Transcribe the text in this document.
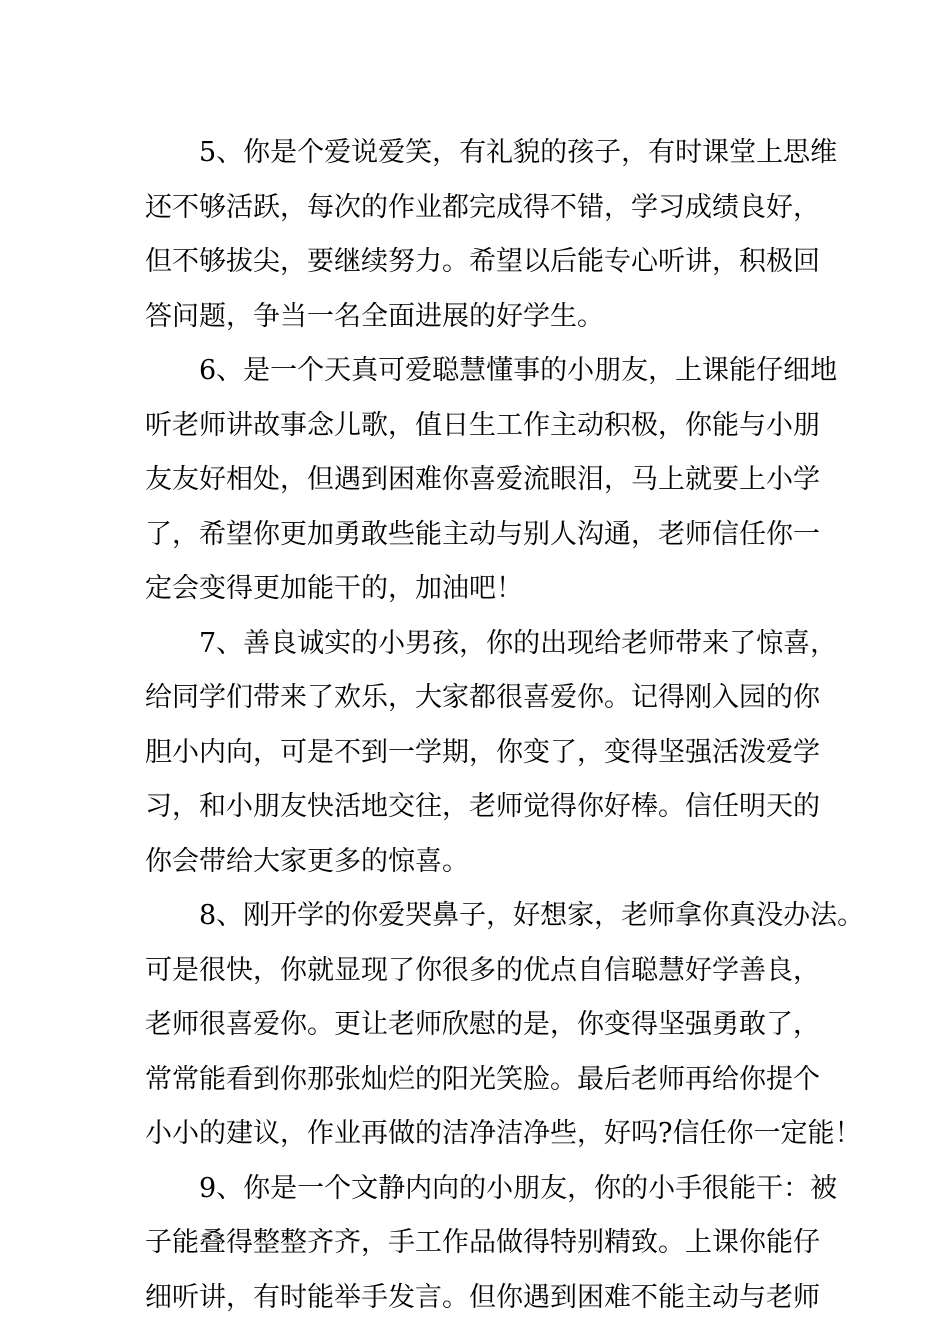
5、你是个爱说爱笑，有礼貌的孩子，有时课堂上思维
还不够活跃，每次的作业都完成得不错，学习成绩良好，
但不够拔尖，要继续努力。希望以后能专心听讲，积极回
答问题，争当一名全面进展的好学生。

6、是一个天真可爱聪慧懂事的小朋友，上课能仔细地
听老师讲故事念儿歌，值日生工作主动积极，你能与小朋
友友好相处，但遇到困难你喜爱流眼泪，马上就要上小学
了，希望你更加勇敢些能主动与别人沟通，老师信任你一
定会变得更加能干的，加油吧！

7、善良诚实的小男孩，你的出现给老师带来了惊喜，
给同学们带来了欢乐，大家都很喜爱你。记得刚入园的你
胆小内向，可是不到一学期，你变了，变得坚强活泼爱学
习，和小朋友快活地交往，老师觉得你好棒。信任明天的
你会带给大家更多的惊喜。

8、刚开学的你爱哭鼻子，好想家，老师拿你真没办法。
可是很快，你就显现了你很多的优点自信聪慧好学善良，
老师很喜爱你。更让老师欣慰的是，你变得坚强勇敢了，
常常能看到你那张灿烂的阳光笑脸。最后老师再给你提个
小小的建议，作业再做的洁净洁净些，好吗?信任你一定能！

9、你是一个文静内向的小朋友，你的小手很能干：被
子能叠得整整齐齐，手工作品做得特别精致。上课你能仔
细听讲，有时能举手发言。但你遇到困难不能主动与老师
